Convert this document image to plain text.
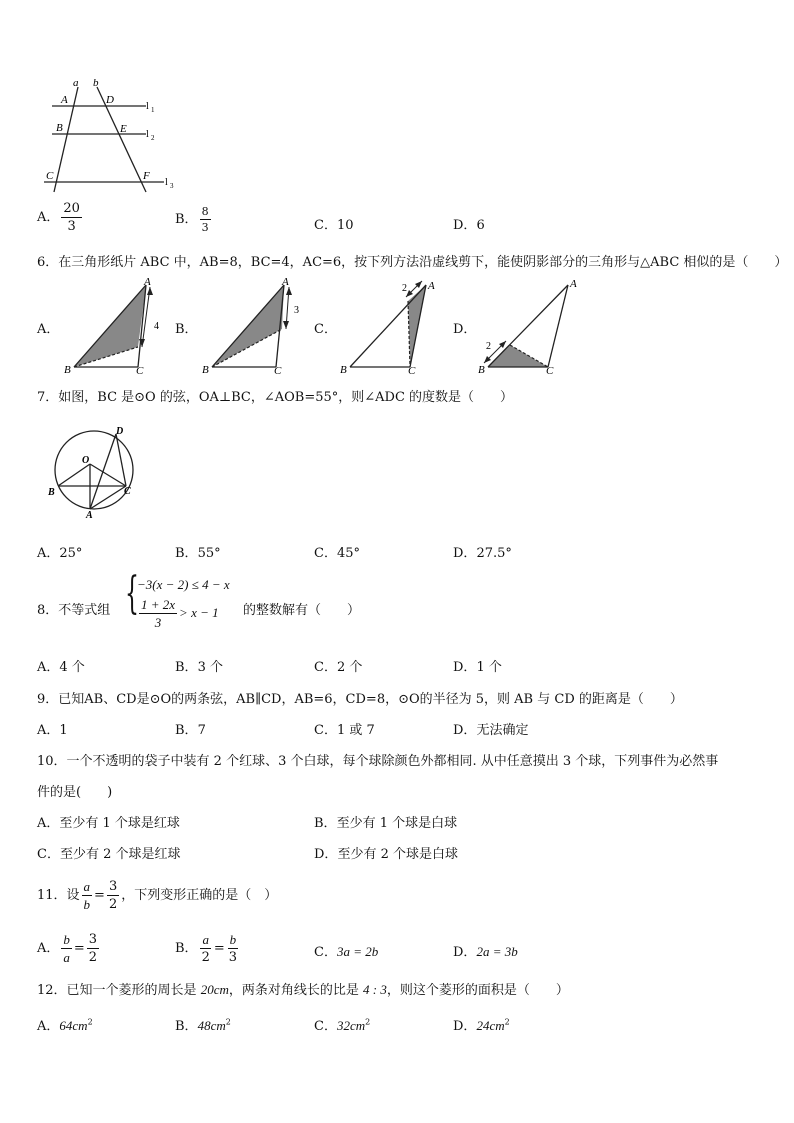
a b
A	D
B	E
C	F
l 1
l 2
l 3
A． $\frac{20}{3}$	B． $\frac{8}{3}$	C．10	D．6
6．在三角形纸片 ABC 中，AB=8，BC=4，AC=6，按下列方法沿虚线剪下，能使阴影部分的三角形与△ABC 相似的是（　　）
A．
A
B	C
4 B．
A
B	C
3
C．
A
B	C
2
D．
A
B	C
2
7．如图，BC 是⊙O 的弦，OA⊥BC，∠AOB=55°，则∠ADC 的度数是（　　）
O
D
B	C
A
A．25°	B．55°	C．45°	D．27.5°
8．不等式组 {
−3(x − 2) ≤ 4 − x
$\frac{1 + 2x}{3} > x - 1$ 的整数解有（　　）
A．4 个	B．3 个	C．2 个	D．1 个
9．已知AB、CD是⊙O的两条弦，AB∥CD，AB=6，CD=8，⊙O的半径为 5，则 AB 与 CD 的距离是（　　）
A．1	B．7	C．1 或 7	D．无法确定
10．一个不透明的袋子中装有 2 个红球、3 个白球，每个球除颜色外都相同. 从中任意摸出 3 个球，下列事件为必然事
件的是(　　)
A．至少有 1 个球是红球	B．至少有 1 个球是白球
C．至少有 2 个球是红球	D．至少有 2 个球是白球
11．设 $\frac{a}{b} = \frac{3}{2}$ ，下列变形正确的是（　）
A． $\frac{b}{a} = \frac{3}{2}$	B． $\frac{a}{2} = \frac{b}{3}$	C．3a = 2b	D．2a = 3b
12．已知一个菱形的周长是 20cm，两条对角线长的比是 4 : 3，则这个菱形的面积是（　　）
A．$64cm^2$	B．$48cm^2$	C．$32cm^2$	D．$24cm^2$
